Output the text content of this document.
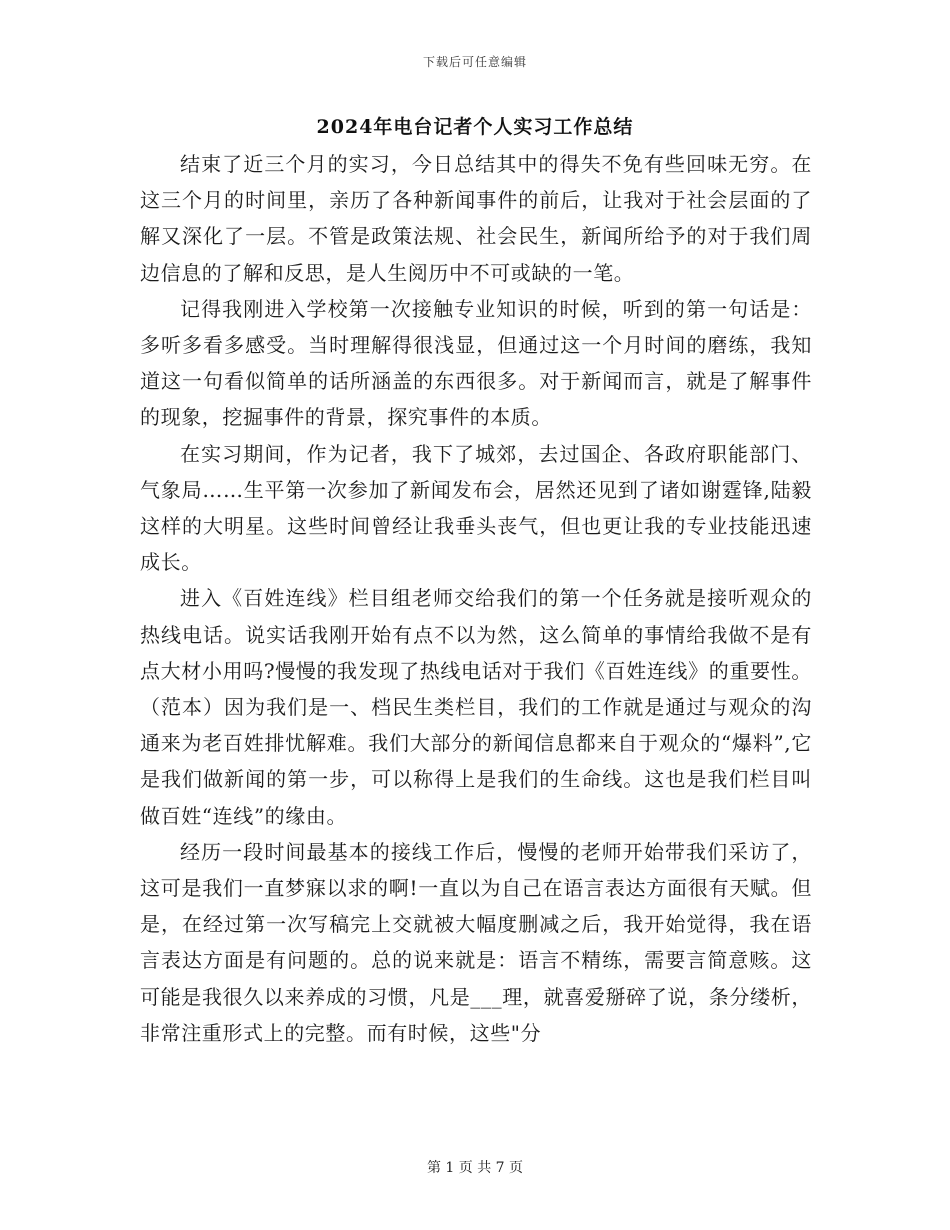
下载后可任意编辑
2024年电台记者个人实习工作总结

结束了近三个月的实习，今日总结其中的得失不免有些回味无穷。在这三个月的时间里，亲历了各种新闻事件的前后，让我对于社会层面的了解又深化了一层。不管是政策法规、社会民生，新闻所给予的对于我们周边信息的了解和反思，是人生阅历中不可或缺的一笔。

记得我刚进入学校第一次接触专业知识的时候，听到的第一句话是：多听多看多感受。当时理解得很浅显，但通过这一个月时间的磨练，我知道这一句看似简单的话所涵盖的东西很多。对于新闻而言，就是了解事件的现象，挖掘事件的背景，探究事件的本质。

在实习期间，作为记者，我下了城郊，去过国企、各政府职能部门、气象局……生平第一次参加了新闻发布会，居然还见到了诸如谢霆锋,陆毅这样的大明星。这些时间曾经让我垂头丧气，但也更让我的专业技能迅速成长。

进入《百姓连线》栏目组老师交给我们的第一个任务就是接听观众的热线电话。说实话我刚开始有点不以为然，这么简单的事情给我做不是有点大材小用吗?慢慢的我发现了热线电话对于我们《百姓连线》的重要性。（范本）因为我们是一、档民生类栏目，我们的工作就是通过与观众的沟通来为老百姓排忧解难。我们大部分的新闻信息都来自于观众的“爆料”,它是我们做新闻的第一步，可以称得上是我们的生命线。这也是我们栏目叫做百姓“连线”的缘由。

经历一段时间最基本的接线工作后，慢慢的老师开始带我们采访了，这可是我们一直梦寐以求的啊!一直以为自己在语言表达方面很有天赋。但是，在经过第一次写稿完上交就被大幅度删减之后，我开始觉得，我在语言表达方面是有问题的。总的说来就是：语言不精练，需要言简意赅。这可能是我很久以来养成的习惯，凡是___理，就喜爱掰碎了说，条分缕析，非常注重形式上的完整。而有时候，这些"分

第 1 页 共 7 页
